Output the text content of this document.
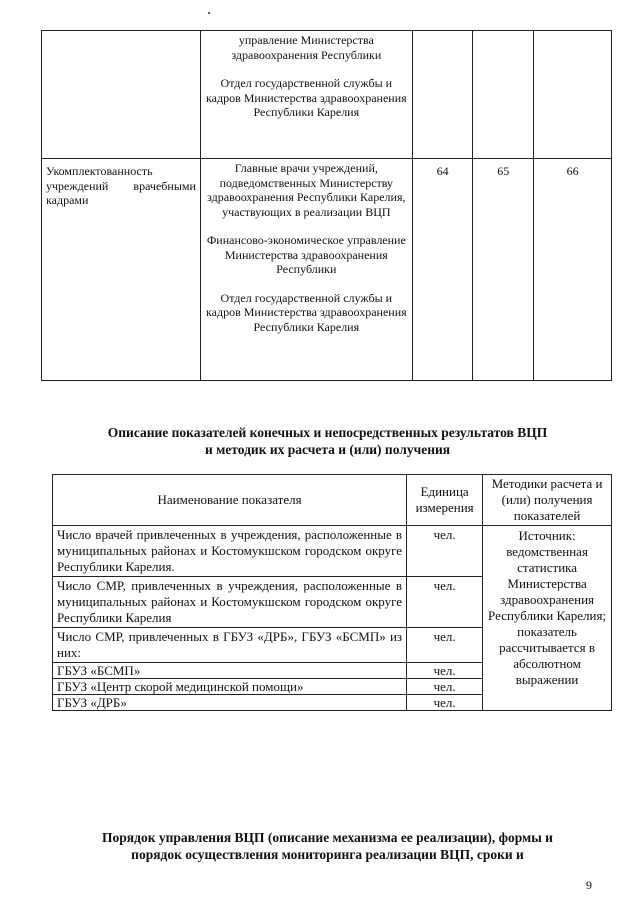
	управление Министерства здравоохранения Республики
Отдел государственной службы и кадров Министерства здравоохранения Республики Карелия			

Укомплектованность учреждений врачебными кадрами	Главные врачи учреждений, подведомственных Министерству здравоохранения Республики Карелия, участвующих в реализации ВЦП
Финансово-экономическое управление Министерства здравоохранения Республики
Отдел государственной службы и кадров Министерства здравоохранения Республики Карелия	64	65	66
Описание показателей конечных и непосредственных результатов ВЦП
и методик их расчета и (или) получения
Наименование показателя	Единица измерения	Методики расчета и (или) получения показателей
Число врачей привлеченных в учреждения, расположенные в муниципальных районах и Костомукшском городском округе Республики Карелия.	чел.	Источник: ведомственная статистика Министерства здравоохранения Республики Карелия; показатель рассчитывается в абсолютном выражении
Число СМР, привлеченных в учреждения, расположенные в муниципальных районах и Костомукшском городском округе Республики Карелия	чел.	
Число СМР, привлеченных в ГБУЗ «ДРБ», ГБУЗ «БСМП» из них:	чел.	
ГБУЗ «БСМП»	чел.	
ГБУЗ «Центр скорой медицинской помощи»	чел.	
ГБУЗ «ДРБ»	чел.	
Порядок управления ВЦП (описание механизма ее реализации), формы и
порядок осуществления мониторинга реализации ВЦП, сроки и
9
